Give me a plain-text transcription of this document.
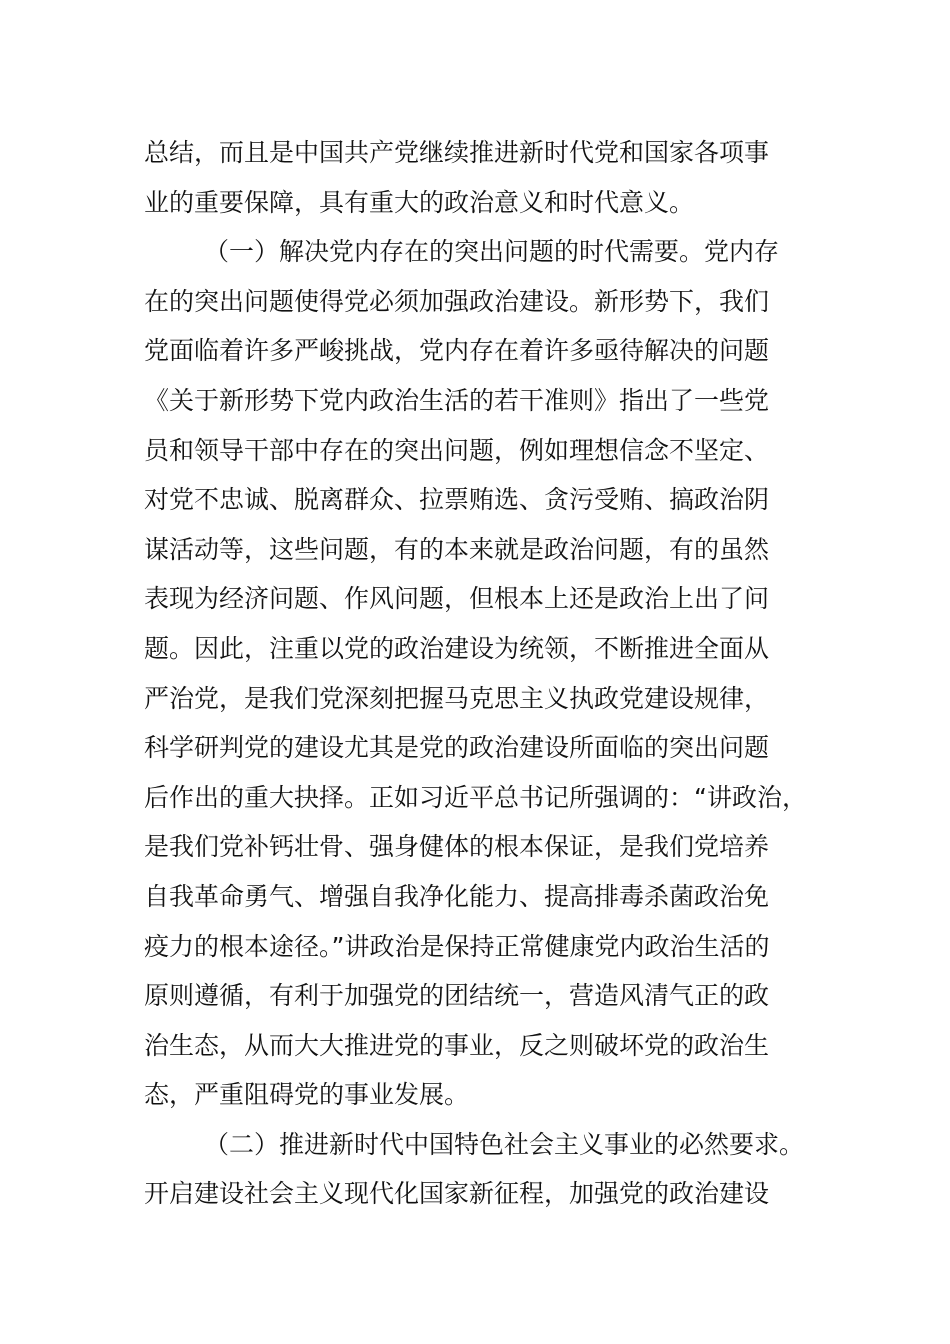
总结，而且是中国共产党继续推进新时代党和国家各项事
业的重要保障，具有重大的政治意义和时代意义。
（一）解决党内存在的突出问题的时代需要。党内存
在的突出问题使得党必须加强政治建设。新形势下，我们
党面临着许多严峻挑战，党内存在着许多亟待解决的问题
《关于新形势下党内政治生活的若干准则》指出了一些党
员和领导干部中存在的突出问题，例如理想信念不坚定、
对党不忠诚、脱离群众、拉票贿选、贪污受贿、搞政治阴
谋活动等，这些问题，有的本来就是政治问题，有的虽然
表现为经济问题、作风问题，但根本上还是政治上出了问
题。因此，注重以党的政治建设为统领，不断推进全面从
严治党，是我们党深刻把握马克思主义执政党建设规律，
科学研判党的建设尤其是党的政治建设所面临的突出问题
后作出的重大抉择。正如习近平总书记所强调的：“讲政治，
是我们党补钙壮骨、强身健体的根本保证，是我们党培养
自我革命勇气、增强自我净化能力、提高排毒杀菌政治免
疫力的根本途径。”讲政治是保持正常健康党内政治生活的
原则遵循，有利于加强党的团结统一，营造风清气正的政
治生态，从而大大推进党的事业，反之则破坏党的政治生
态，严重阻碍党的事业发展。
（二）推进新时代中国特色社会主义事业的必然要求。
开启建设社会主义现代化国家新征程，加强党的政治建设
